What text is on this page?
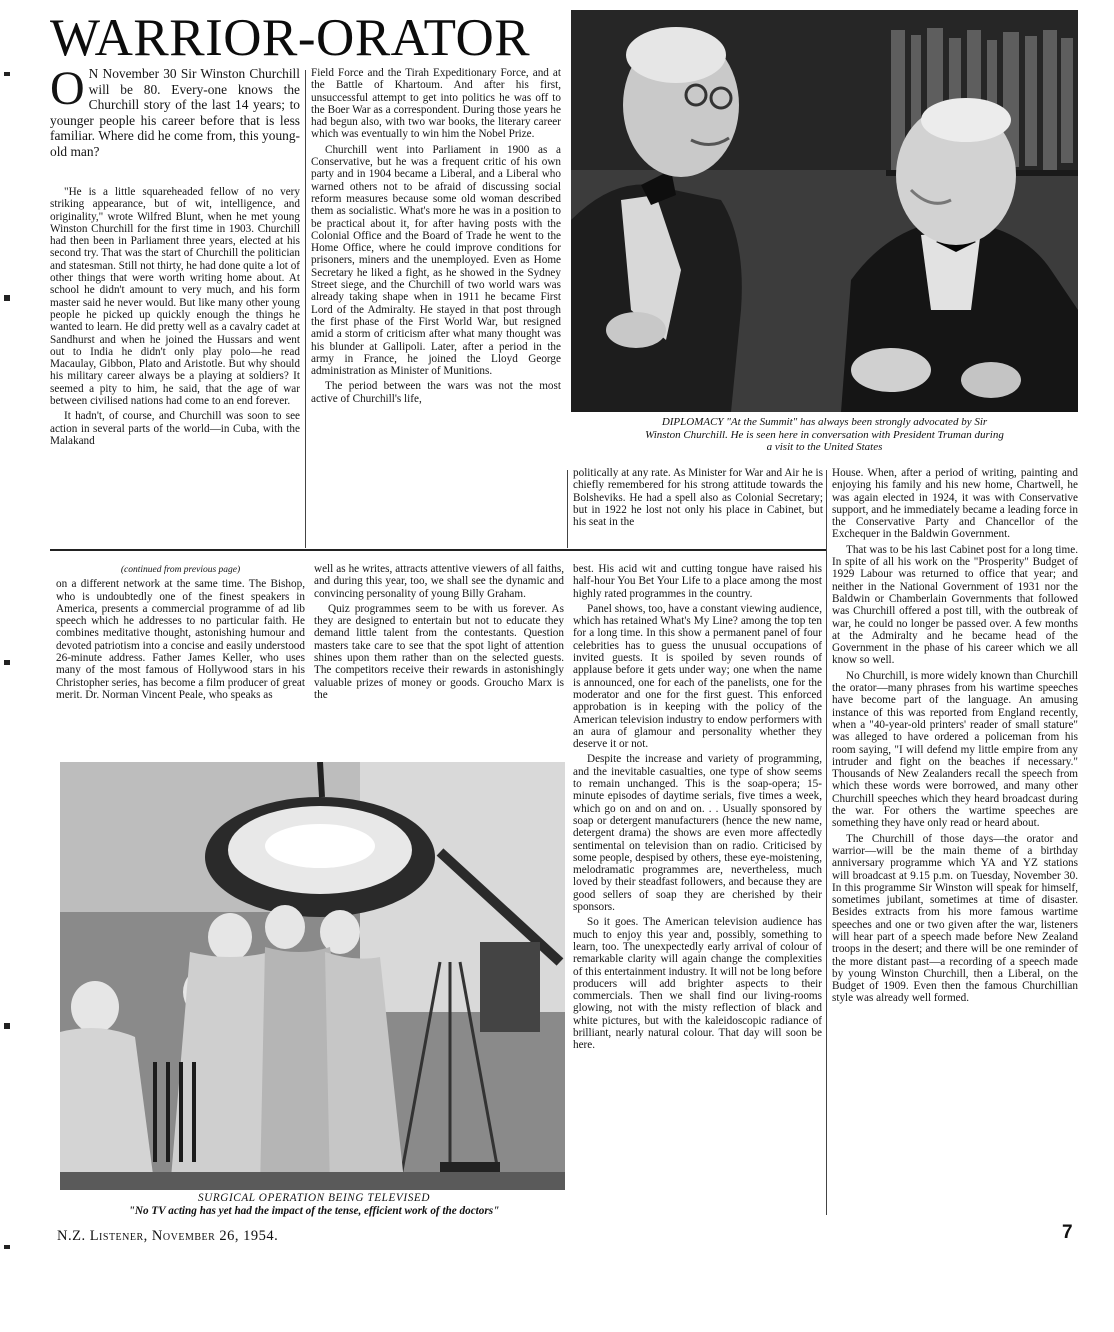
WARRIOR-ORATOR
O N November 30 Sir Winston Churchill will be 80. Every-one knows the Churchill story of the last 14 years; to younger people his career before that is less familiar. Where did he come from, this young-old man?

"He is a little squareheaded fellow of no very striking appearance, but of wit, intelligence, and originality," wrote Wilfred Blunt, when he met young Winston Churchill for the first time in 1903. Churchill had then been in Parliament three years, elected at his second try. That was the start of Churchill the politician and statesman. Still not thirty, he had done quite a lot of other things that were worth writing home about. At school he didn't amount to very much, and his form master said he never would. But like many other young people he picked up quickly enough the things he wanted to learn. He did pretty well as a cavalry cadet at Sandhurst and when he joined the Hussars and went out to India he didn't only play polo—he read Macaulay, Gibbon, Plato and Aristotle. But why should his military career always be a playing at soldiers? It seemed a pity to him, he said, that the age of war between civilised nations had come to an end forever.

It hadn't, of course, and Churchill was soon to see action in several parts of the world—in Cuba, with the Malakand

Field Force and the Tirah Expeditionary Force, and at the Battle of Khartoum. And after his first, unsuccessful attempt to get into politics he was off to the Boer War as a correspondent. During those years he had begun also, with two war books, the literary career which was eventually to win him the Nobel Prize.

Churchill went into Parliament in 1900 as a Conservative, but he was a frequent critic of his own party and in 1904 became a Liberal, and a Liberal who warned others not to be afraid of discussing social reform measures because some old woman described them as socialistic. What's more he was in a position to be practical about it, for after having posts with the Colonial Office and the Board of Trade he went to the Home Office, where he could improve conditions for prisoners, miners and the unemployed. Even as Home Secretary he liked a fight, as he showed in the Sydney Street siege, and the Churchill of two world wars was already taking shape when in 1911 he became First Lord of the Admiralty. He stayed in that post through the first phase of the First World War, but resigned amid a storm of criticism after what many thought was his blunder at Gallipoli. Later, after a period in the army in France, he joined the Lloyd George administration as Minister of Munitions.

The period between the wars was not the most active of Churchill's life,

DIPLOMACY "At the Summit" has always been strongly advocated by Sir
Winston Churchill. He is seen here in conversation with President Truman during
a visit to the United States

politically at any rate. As Minister for War and Air he is chiefly remembered for his strong attitude towards the Bolsheviks. He had a spell also as Colonial Secretary; but in 1922 he lost not only his place in Cabinet, but his seat in the

House. When, after a period of writing, painting and enjoying his family and his new home, Chartwell, he was again elected in 1924, it was with Conservative support, and he immediately became a leading force in the Conservative Party and Chancellor of the Exchequer in the Baldwin Government.

That was to be his last Cabinet post for a long time. In spite of all his work on the "Prosperity" Budget of 1929 Labour was returned to office that year; and neither in the National Government of 1931 nor the Baldwin or Chamberlain Governments that followed was Churchill offered a post till, with the outbreak of war, he could no longer be passed over. A few months at the Admiralty and he became head of the Government in the phase of his career which we all know so well.

No Churchill, is more widely known than Churchill the orator—many phrases from his wartime speeches have become part of the language. An amusing instance of this was reported from England recently, when a "40-year-old printers' reader of small stature" was alleged to have ordered a policeman from his room saying, "I will defend my little empire from any intruder and fight on the beaches if necessary." Thousands of New Zealanders recall the speech from which these words were borrowed, and many other Churchill speeches which they heard broadcast during the war. For others the wartime speeches are something they have only read or heard about.

The Churchill of those days—the orator and warrior—will be the main theme of a birthday anniversary programme which YA and YZ stations will broadcast at 9.15 p.m. on Tuesday, November 30. In this programme Sir Winston will speak for himself, sometimes jubilant, sometimes at time of disaster. Besides extracts from his more famous wartime speeches and one or two given after the war, listeners will hear part of a speech made before New Zealand troops in the desert; and there will be one reminder of the more distant past—a recording of a speech made by young Winston Churchill, then a Liberal, on the Budget of 1909. Even then the famous Churchillian style was already well formed.

(continued from previous page)

on a different network at the same time. The Bishop, who is undoubtedly one of the finest speakers in America, presents a commercial programme of ad lib speech which he addresses to no particular faith. He combines meditative thought, astonishing humour and devoted patriotism into a concise and easily understood 26-minute address. Father James Keller, who uses many of the most famous of Hollywood stars in his Christopher series, has become a film producer of great merit. Dr. Norman Vincent Peale, who speaks as

well as he writes, attracts attentive viewers of all faiths, and during this year, too, we shall see the dynamic and convincing personality of young Billy Graham.

Quiz programmes seem to be with us forever. As they are designed to entertain but not to educate they demand little talent from the contestants. Question masters take care to see that the spot light of attention shines upon them rather than on the selected guests. The competitors receive their rewards in astonishingly valuable prizes of money or goods. Groucho Marx is the

best. His acid wit and cutting tongue have raised his half-hour You Bet Your Life to a place among the most highly rated programmes in the country.

Panel shows, too, have a constant viewing audience, which has retained What's My Line? among the top ten for a long time. In this show a permanent panel of four celebrities has to guess the unusual occupations of invited guests. It is spoiled by seven rounds of applause before it gets under way; one when the name is announced, one for each of the panelists, one for the moderator and one for the first guest. This enforced approbation is in keeping with the policy of the American television industry to endow performers with an aura of glamour and personality whether they deserve it or not.

Despite the increase and variety of programming, and the inevitable casualties, one type of show seems to remain unchanged. This is the soap-opera; 15-minute episodes of daytime serials, five times a week, which go on and on and on. . . Usually sponsored by soap or detergent manufacturers (hence the new name, detergent drama) the shows are even more affectedly sentimental on television than on radio. Criticised by some people, despised by others, these eye-moistening, melodramatic programmes are, nevertheless, much loved by their steadfast followers, and because they are good sellers of soap they are cherished by their sponsors.

So it goes. The American television audience has much to enjoy this year and, possibly, something to learn, too. The unexpectedly early arrival of colour of remarkable clarity will again change the complexities of this entertainment industry. It will not be long before producers will add brighter aspects to their commercials. Then we shall find our living-rooms glowing, not with the misty reflection of black and white pictures, but with the kaleidoscopic radiance of brilliant, nearly natural colour. That day will soon be here.

SURGICAL OPERATION BEING TELEVISED
"No TV acting has yet had the impact of the tense, efficient work of the doctors"
N.Z. Listener, November 26, 1954.	7
